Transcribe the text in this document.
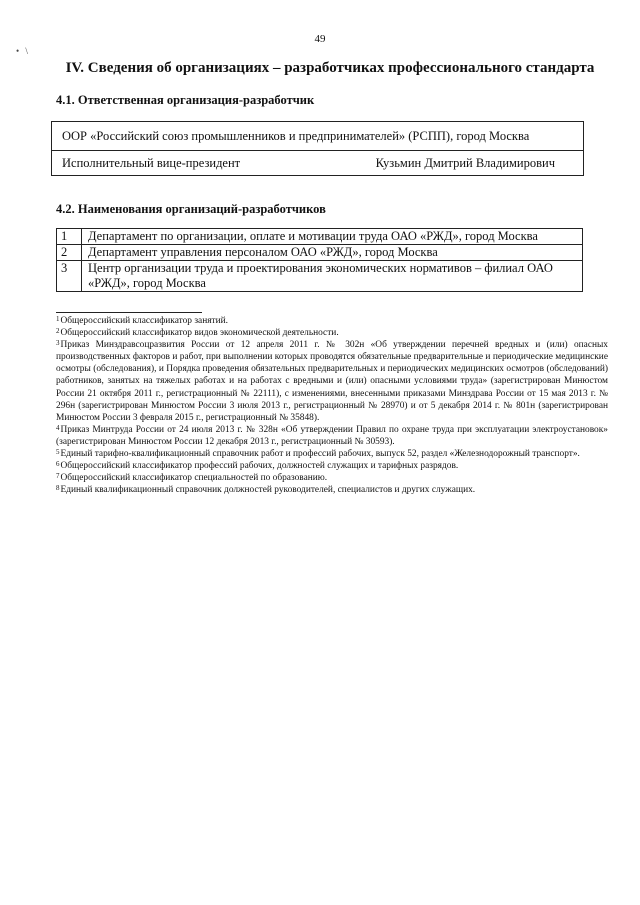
49
• \
IV. Сведения об организациях – разработчиках профессионального стандарта
4.1. Ответственная организация-разработчик
ООР «Российский союз промышленников и предпринимателей» (РСПП), город Москва

Исполнительный вице-президент	Кузьмин Дмитрий Владимирович
4.2. Наименования организаций-разработчиков
1	Департамент по организации, оплате и мотивации труда ОАО «РЖД», город Москва
2	Департамент управления персоналом ОАО «РЖД», город Москва
3	Центр организации труда и проектирования экономических нормативов – филиал ОАО «РЖД», город Москва

$^1$Общероссийский классификатор занятий.

$^2$Общероссийский классификатор видов экономической деятельности.

$^3$Приказ Минздравсоцразвития России от 12 апреля 2011 г. № 302н «Об утверждении перечней вредных и (или) опасных производственных факторов и работ, при выполнении которых проводятся обязательные предварительные и периодические медицинские осмотры (обследования), и Порядка проведения обязательных предварительных и периодических медицинских осмотров (обследований) работников, занятых на тяжелых работах и на работах с вредными и (или) опасными условиями труда» (зарегистрирован Минюстом России 21 октября 2011 г., регистрационный № 22111), с изменениями, внесенными приказами Минздрава России от 15 мая 2013 г. № 296н (зарегистрирован Минюстом России 3 июля 2013 г., регистрационный № 28970) и от 5 декабря 2014 г. № 801н (зарегистрирован Минюстом России 3 февраля 2015 г., регистрационный № 35848).

$^4$Приказ Минтруда России от 24 июля 2013 г. № 328н «Об утверждении Правил по охране труда при эксплуатации электроустановок» (зарегистрирован Минюстом России 12 декабря 2013 г., регистрационный № 30593).

$^5$Единый тарифно-квалификационный справочник работ и профессий рабочих, выпуск 52, раздел «Железнодорожный транспорт».

$^6$Общероссийский классификатор профессий рабочих, должностей служащих и тарифных разрядов.

$^7$Общероссийский классификатор специальностей по образованию.

$^8$Единый квалификационный справочник должностей руководителей, специалистов и других служащих.
